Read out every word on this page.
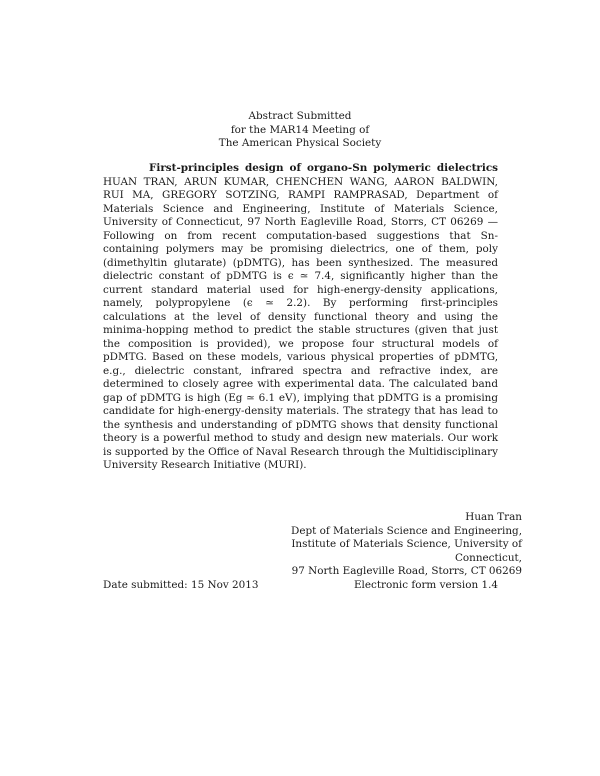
Abstract Submitted
for the MAR14 Meeting of
The American Physical Society
First-principles design of organo-Sn polymeric dielectrics HUAN TRAN, ARUN KUMAR, CHENCHEN WANG, AARON BALDWIN, RUI MA, GREGORY SOTZING, RAMPI RAMPRASAD, Department of Materials Science and Engineering, Institute of Materials Science, University of Connecticut, 97 North Eagleville Road, Storrs, CT 06269 — Following on from recent computation-based suggestions that Sn-containing polymers may be promising dielectrics, one of them, poly (dimethyltin glutarate) (pDMTG), has been synthesized. The measured dielectric constant of pDMTG is ϵ ≃ 7.4, significantly higher than the current standard material used for high-energy-density applications, namely, polypropylene (ϵ ≃ 2.2). By performing first-principles calculations at the level of density functional theory and using the minima-hopping method to predict the stable structures (given that just the composition is provided), we propose four structural models of pDMTG. Based on these models, various physical properties of pDMTG, e.g., dielectric constant, infrared spectra and refractive index, are determined to closely agree with experimental data. The calculated band gap of pDMTG is high (Eg ≃ 6.1 eV), implying that pDMTG is a promising candidate for high-energy-density materials. The strategy that has lead to the synthesis and understanding of pDMTG shows that density functional theory is a powerful method to study and design new materials. Our work is supported by the Office of Naval Research through the Multidisciplinary University Research Initiative (MURI).
Huan Tran
Dept of Materials Science and Engineering,
Institute of Materials Science, University of Connecticut,
97 North Eagleville Road, Storrs, CT 06269
Date submitted: 15 Nov 2013	Electronic form version 1.4
